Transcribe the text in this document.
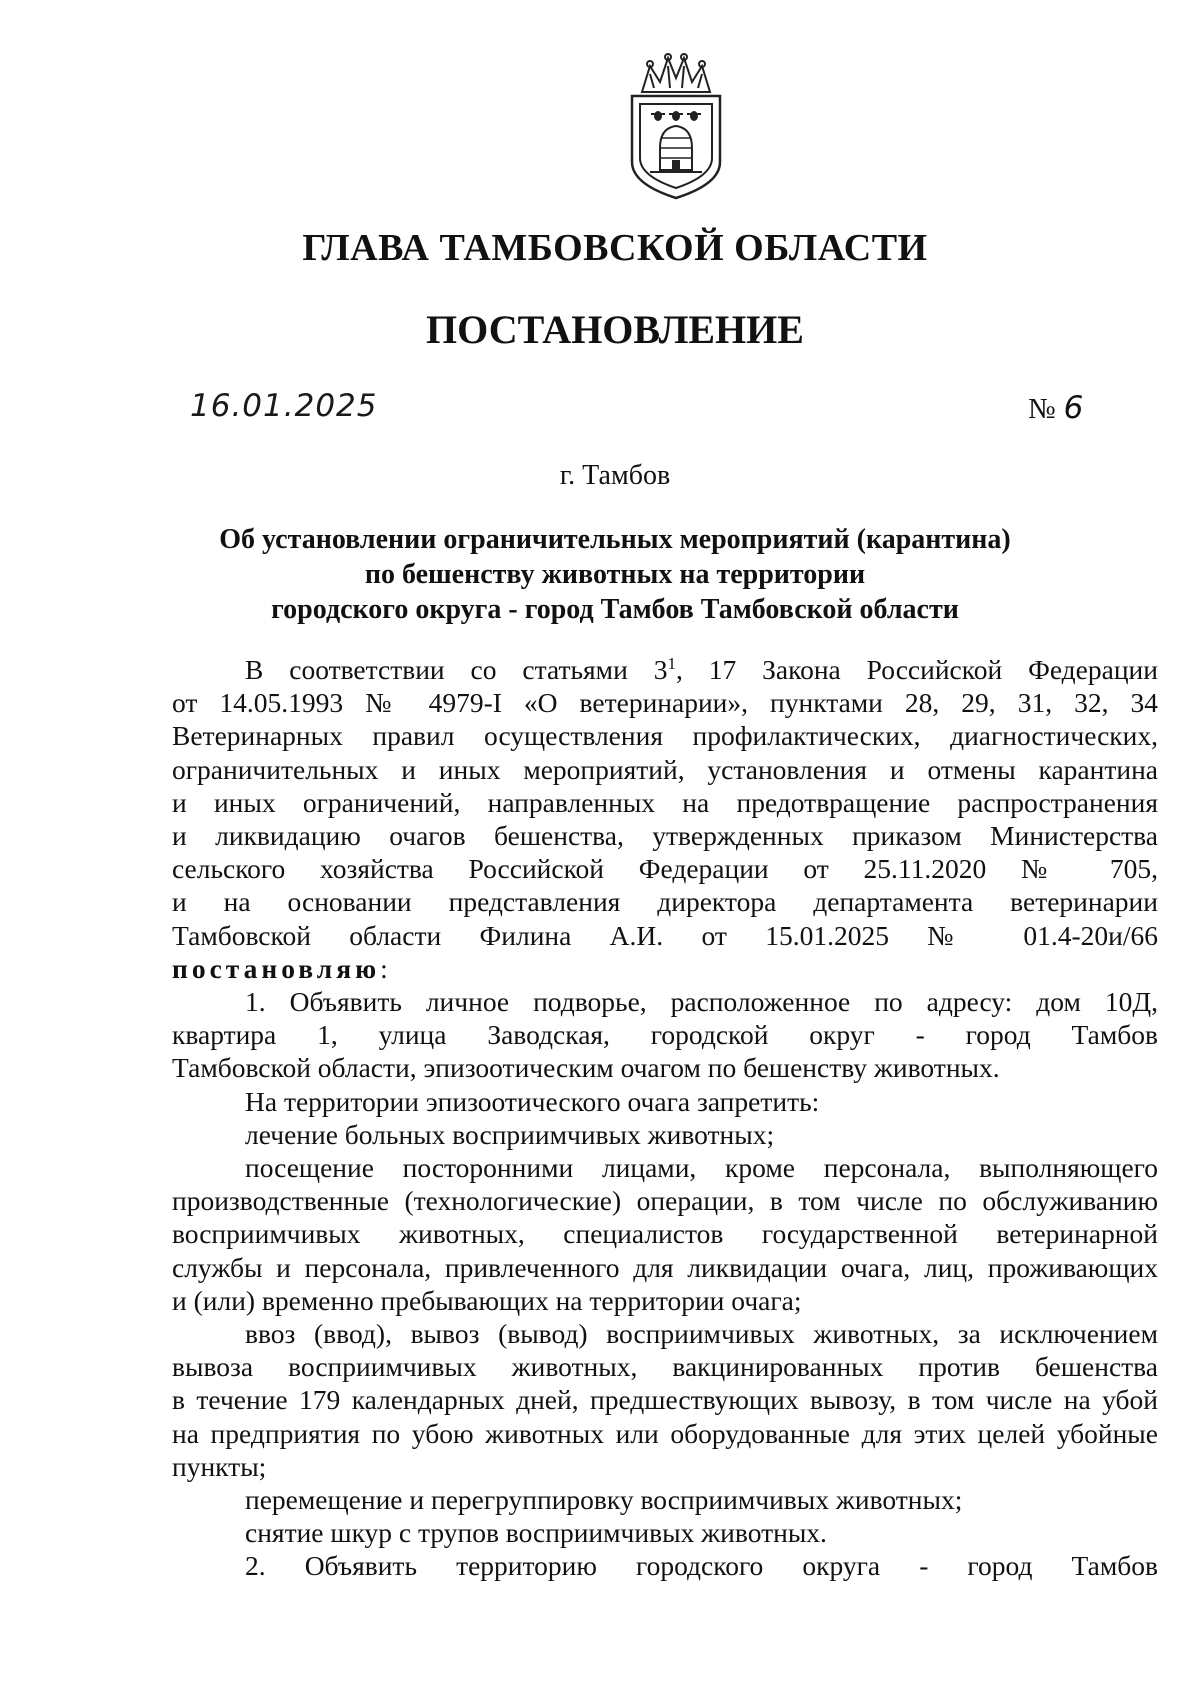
ГЛАВА ТАМБОВСКОЙ ОБЛАСТИ
ПОСТАНОВЛЕНИЕ
16.01.2025	№ 6
г. Тамбов
Об установлении ограничительных мероприятий (карантина)
по бешенству животных на территории
городского округа - город Тамбов Тамбовской области
В соответствии со статьями $3^1$, 17 Закона Российской Федерации
от 14.05.1993 № 4979-I «О ветеринарии», пунктами 28, 29, 31, 32, 34
Ветеринарных правил осуществления профилактических, диагностических,
ограничительных и иных мероприятий, установления и отмены карантина
и иных ограничений, направленных на предотвращение распространения
и ликвидацию очагов бешенства, утвержденных приказом Министерства
сельского хозяйства Российской Федерации от 25.11.2020 № 705,
и на основании представления директора департамента ветеринарии
Тамбовской области Филина А.И. от 15.01.2025 № 01.4-20и/66
постановляю:
1. Объявить личное подворье, расположенное по адресу: дом 10Д,
квартира 1, улица Заводская, городской округ - город Тамбов
Тамбовской области, эпизоотическим очагом по бешенству животных.
На территории эпизоотического очага запретить:
лечение больных восприимчивых животных;
посещение посторонними лицами, кроме персонала, выполняющего
производственные (технологические) операции, в том числе по обслуживанию
восприимчивых животных, специалистов государственной ветеринарной
службы и персонала, привлеченного для ликвидации очага, лиц, проживающих
и (или) временно пребывающих на территории очага;
ввоз (ввод), вывоз (вывод) восприимчивых животных, за исключением
вывоза восприимчивых животных, вакцинированных против бешенства
в течение 179 календарных дней, предшествующих вывозу, в том числе на убой
на предприятия по убою животных или оборудованные для этих целей убойные
пункты;
перемещение и перегруппировку восприимчивых животных;
снятие шкур с трупов восприимчивых животных.
2. Объявить территорию городского округа - город Тамбов
